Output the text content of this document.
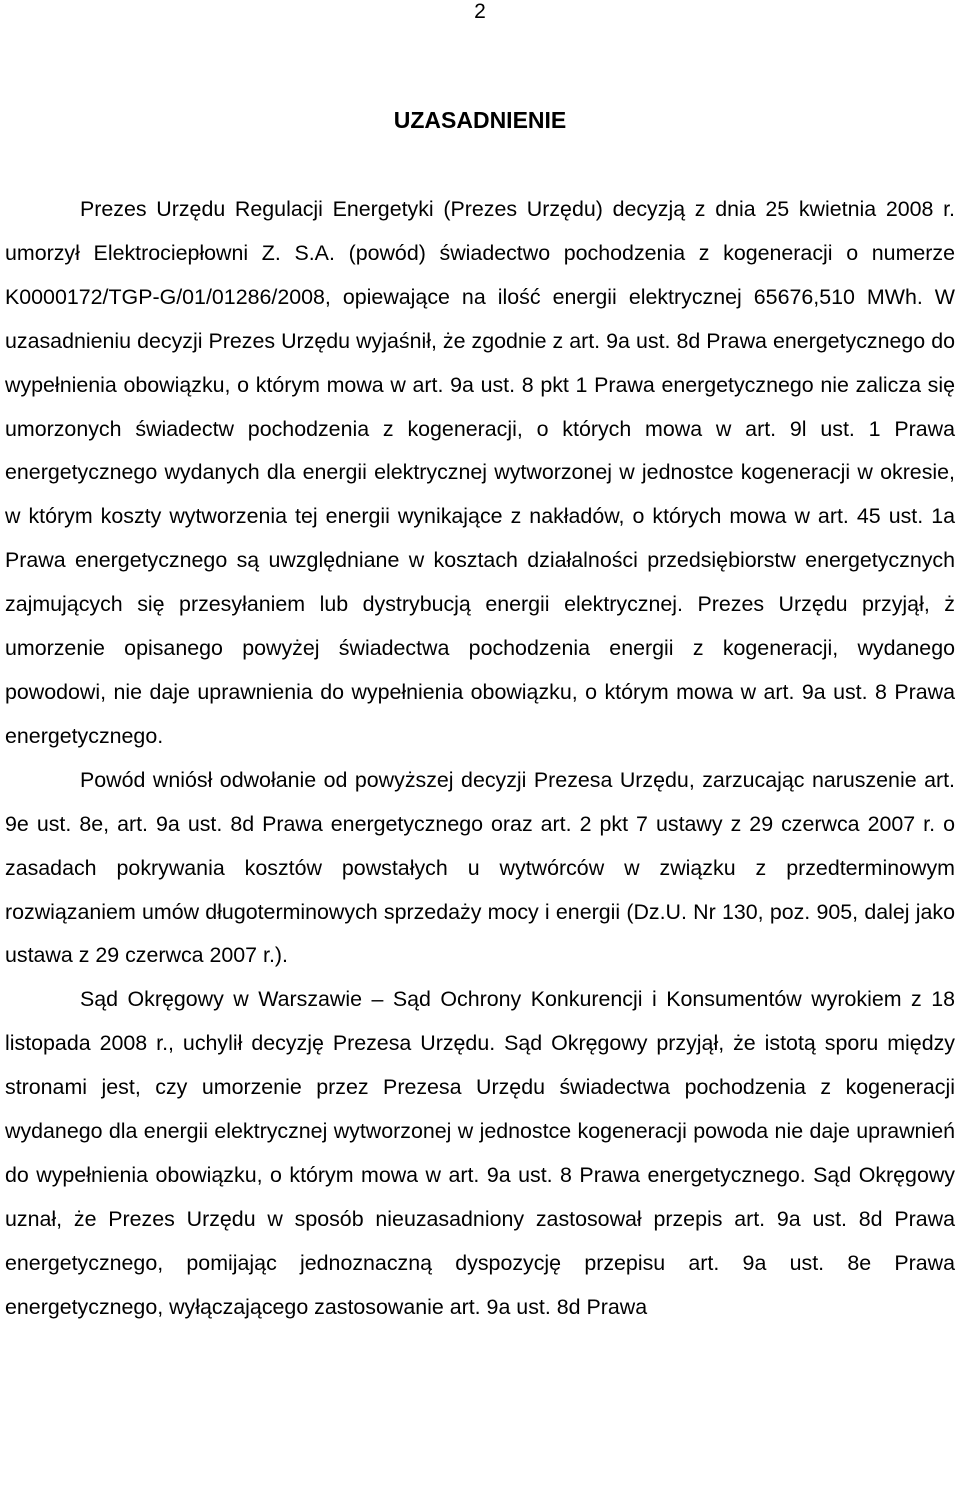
2
UZASADNIENIE

Prezes Urzędu Regulacji Energetyki (Prezes Urzędu) decyzją z dnia 25 kwietnia 2008 r. umorzył Elektrociepłowni Z. S.A. (powód) świadectwo pochodzenia z kogeneracji o numerze K0000172/TGP-G/01/01286/2008, opiewające na ilość energii elektrycznej 65676,510 MWh. W uzasadnieniu decyzji Prezes Urzędu wyjaśnił, że zgodnie z art. 9a ust. 8d Prawa energetycznego do wypełnienia obowiązku, o którym mowa w art. 9a ust. 8 pkt 1 Prawa energetycznego nie zalicza się umorzonych świadectw pochodzenia z kogeneracji, o których mowa w art. 9l ust. 1 Prawa energetycznego wydanych dla energii elektrycznej wytworzonej w jednostce kogeneracji w okresie, w którym koszty wytworzenia tej energii wynikające z nakładów, o których mowa w art. 45 ust. 1a Prawa energetycznego są uwzględniane w kosztach działalności przedsiębiorstw energetycznych zajmujących się przesyłaniem lub dystrybucją energii elektrycznej. Prezes Urzędu przyjął, ż umorzenie opisanego powyżej świadectwa pochodzenia energii z kogeneracji, wydanego powodowi, nie daje uprawnienia do wypełnienia obowiązku, o którym mowa w art. 9a ust. 8 Prawa energetycznego.

Powód wniósł odwołanie od powyższej decyzji Prezesa Urzędu, zarzucając naruszenie art. 9e ust. 8e, art. 9a ust. 8d Prawa energetycznego oraz art. 2 pkt 7 ustawy z 29 czerwca 2007 r. o zasadach pokrywania kosztów powstałych u wytwórców w związku z przedterminowym rozwiązaniem umów długoterminowych sprzedaży mocy i energii (Dz.U. Nr 130, poz. 905, dalej jako ustawa z 29 czerwca 2007 r.).

Sąd Okręgowy w Warszawie – Sąd Ochrony Konkurencji i Konsumentów wyrokiem z 18 listopada 2008 r., uchylił decyzję Prezesa Urzędu. Sąd Okręgowy przyjął, że istotą sporu między stronami jest, czy umorzenie przez Prezesa Urzędu świadectwa pochodzenia z kogeneracji wydanego dla energii elektrycznej wytworzonej w jednostce kogeneracji powoda nie daje uprawnień do wypełnienia obowiązku, o którym mowa w art. 9a ust. 8 Prawa energetycznego. Sąd Okręgowy uznał, że Prezes Urzędu w sposób nieuzasadniony zastosował przepis art. 9a ust. 8d Prawa energetycznego, pomijając jednoznaczną dyspozycję przepisu art. 9a ust. 8e Prawa energetycznego, wyłączającego zastosowanie art. 9a ust. 8d Prawa
